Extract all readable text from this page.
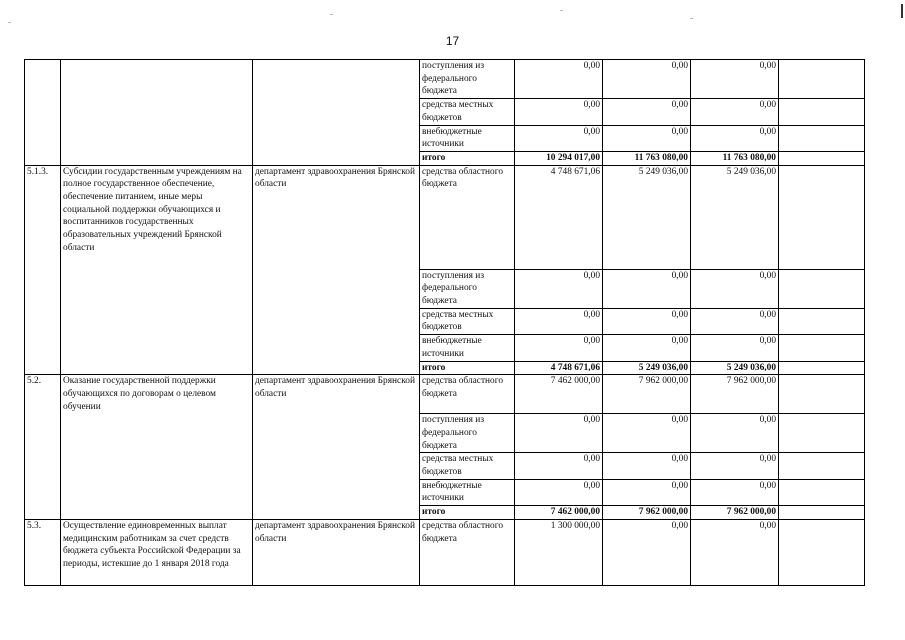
17
			поступления из федерального бюджета	0,00	0,00	0,00	
			средства местных бюджетов	0,00	0,00	0,00	
			внебюджетные источники	0,00	0,00	0,00	
			итого	10 294 017,00	11 763 080,00	11 763 080,00	
5.1.3.	Субсидии государственным учреждениям на полное государственное обеспечение, обеспечение питанием, иные меры социальной поддержки обучающихся и воспитанников государственных образовательных учреждений Брянской области	департамент здравоохранения Брянской области	средства областного бюджета	4 748 671,06	5 249 036,00	5 249 036,00	
			поступления из федерального бюджета	0,00	0,00	0,00	
			средства местных бюджетов	0,00	0,00	0,00	
			внебюджетные источники	0,00	0,00	0,00	
			итого	4 748 671,06	5 249 036,00	5 249 036,00	
5.2.	Оказание государственной поддержки обучающихся по договорам о целевом обучении	департамент здравоохранения Брянской области	средства областного бюджета	7 462 000,00	7 962 000,00	7 962 000,00	
			поступления из федерального бюджета	0,00	0,00	0,00	
			средства местных бюджетов	0,00	0,00	0,00	
			внебюджетные источники	0,00	0,00	0,00	
			итого	7 462 000,00	7 962 000,00	7 962 000,00	
5.3.	Осуществление единовременных выплат медицинским работникам за счет средств бюджета субъекта Российской Федерации за периоды, истекшие до 1 января 2018 года	департамент здравоохранения Брянской области	средства областного бюджета	1 300 000,00	0,00	0,00	
